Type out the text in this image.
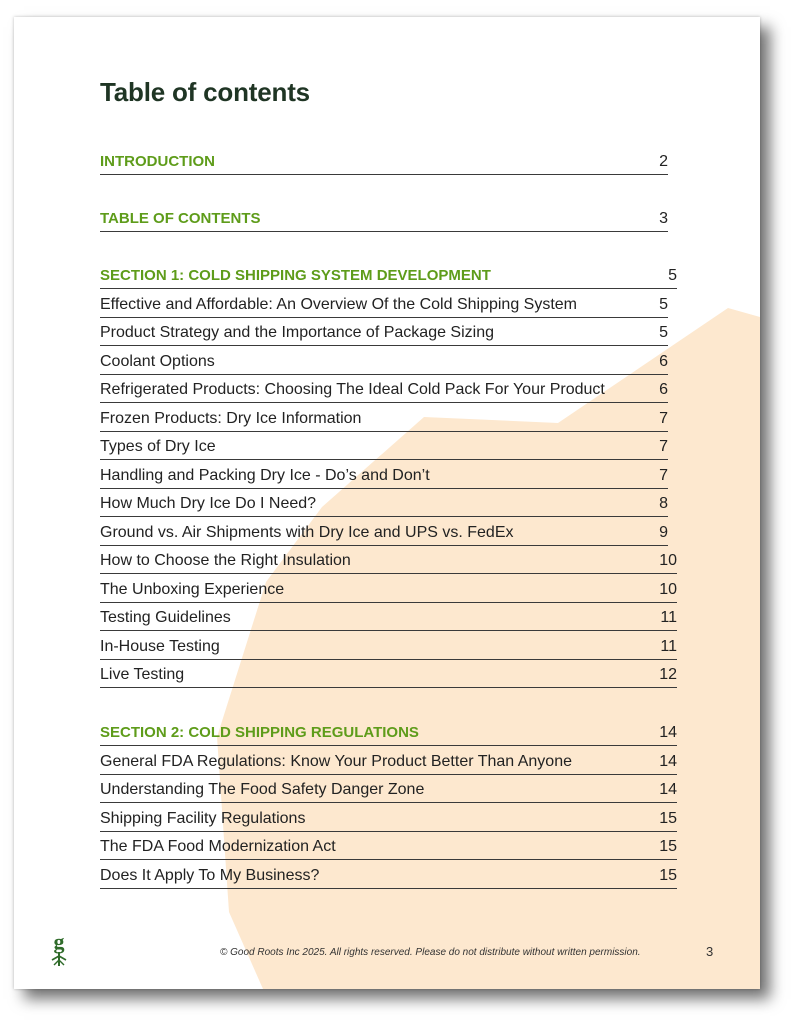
Table of contents
INTRODUCTION	2
TABLE OF CONTENTS	3
SECTION 1: COLD SHIPPING SYSTEM DEVELOPMENT	5
Effective and Affordable: An Overview Of the Cold Shipping System	5
Product Strategy and the Importance of Package Sizing	5
Coolant Options	6
Refrigerated Products: Choosing The Ideal Cold Pack For Your Product	6
Frozen Products: Dry Ice Information	7
Types of Dry Ice	7
Handling and Packing Dry Ice - Do’s and Don’t	7
How Much Dry Ice Do I Need?	8
Ground vs. Air Shipments with Dry Ice and UPS vs. FedEx	9
How to Choose the Right Insulation	10
The Unboxing Experience	10
Testing Guidelines	11
In-House Testing	11
Live Testing	12
SECTION 2: COLD SHIPPING REGULATIONS	14
General FDA Regulations: Know Your Product Better Than Anyone	14
Understanding The Food Safety Danger Zone	14
Shipping Facility Regulations	15
The FDA Food Modernization Act	15
Does It Apply To My Business?	15
g	© Good Roots Inc 2025. All rights reserved. Please do not distribute without written permission.	3
